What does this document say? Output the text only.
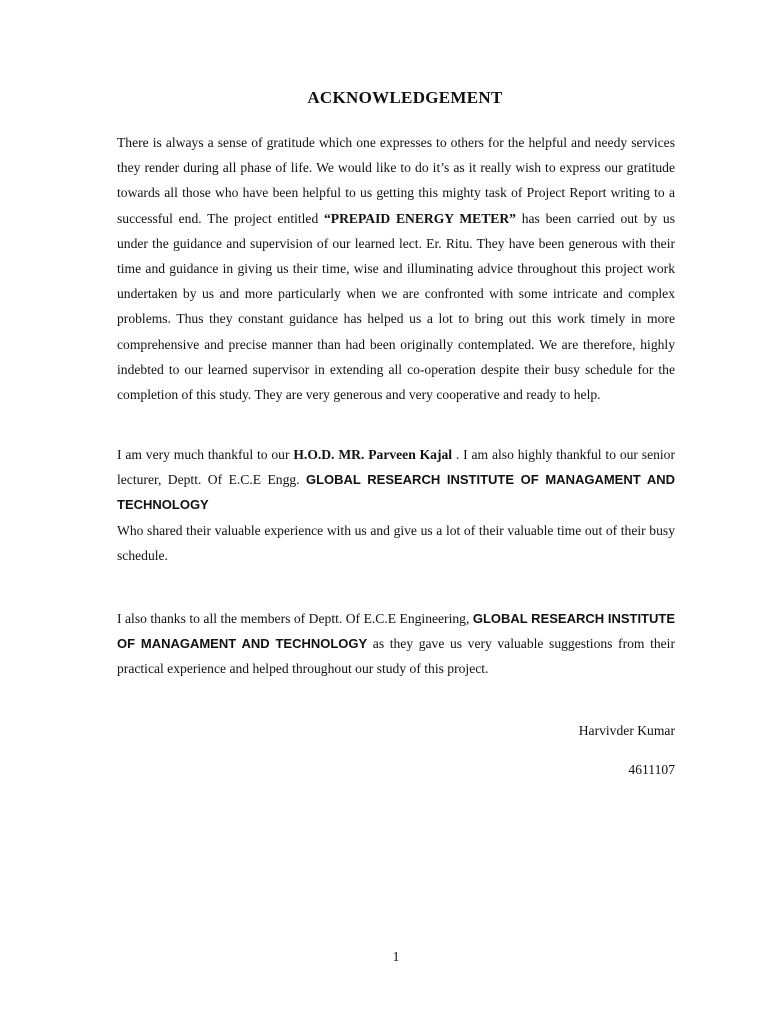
ACKNOWLEDGEMENT

There is always a sense of gratitude which one expresses to others for the helpful and needy services they render during all phase of life. We would like to do it’s as it really wish to express our gratitude towards all those who have been helpful to us getting this mighty task of Project Report writing to a successful end. The project entitled “PREPAID ENERGY METER” has been carried out by us under the guidance and supervision of our learned lect. Er. Ritu. They have been generous with their time and guidance in giving us their time, wise and illuminating advice throughout this project work undertaken by us and more particularly when we are confronted with some intricate and complex problems. Thus they constant guidance has helped us a lot to bring out this work timely in more comprehensive and precise manner than had been originally contemplated. We are therefore, highly indebted to our learned supervisor in extending all co-operation despite their busy schedule for the completion of this study. They are very generous and very cooperative and ready to help.

I am very much thankful to our H.O.D. MR. Parveen Kajal . I am also highly thankful to our senior lecturer, Deptt. Of E.C.E Engg. GLOBAL RESEARCH INSTITUTE OF MANAGAMENT AND TECHNOLOGY
Who shared their valuable experience with us and give us a lot of their valuable time out of their busy schedule.

I also thanks to all the members of Deptt. Of E.C.E Engineering, GLOBAL RESEARCH INSTITUTE OF MANAGAMENT AND TECHNOLOGY as they gave us very valuable suggestions from their practical experience and helped throughout our study of this project.

Harvivder Kumar

4611107

1
